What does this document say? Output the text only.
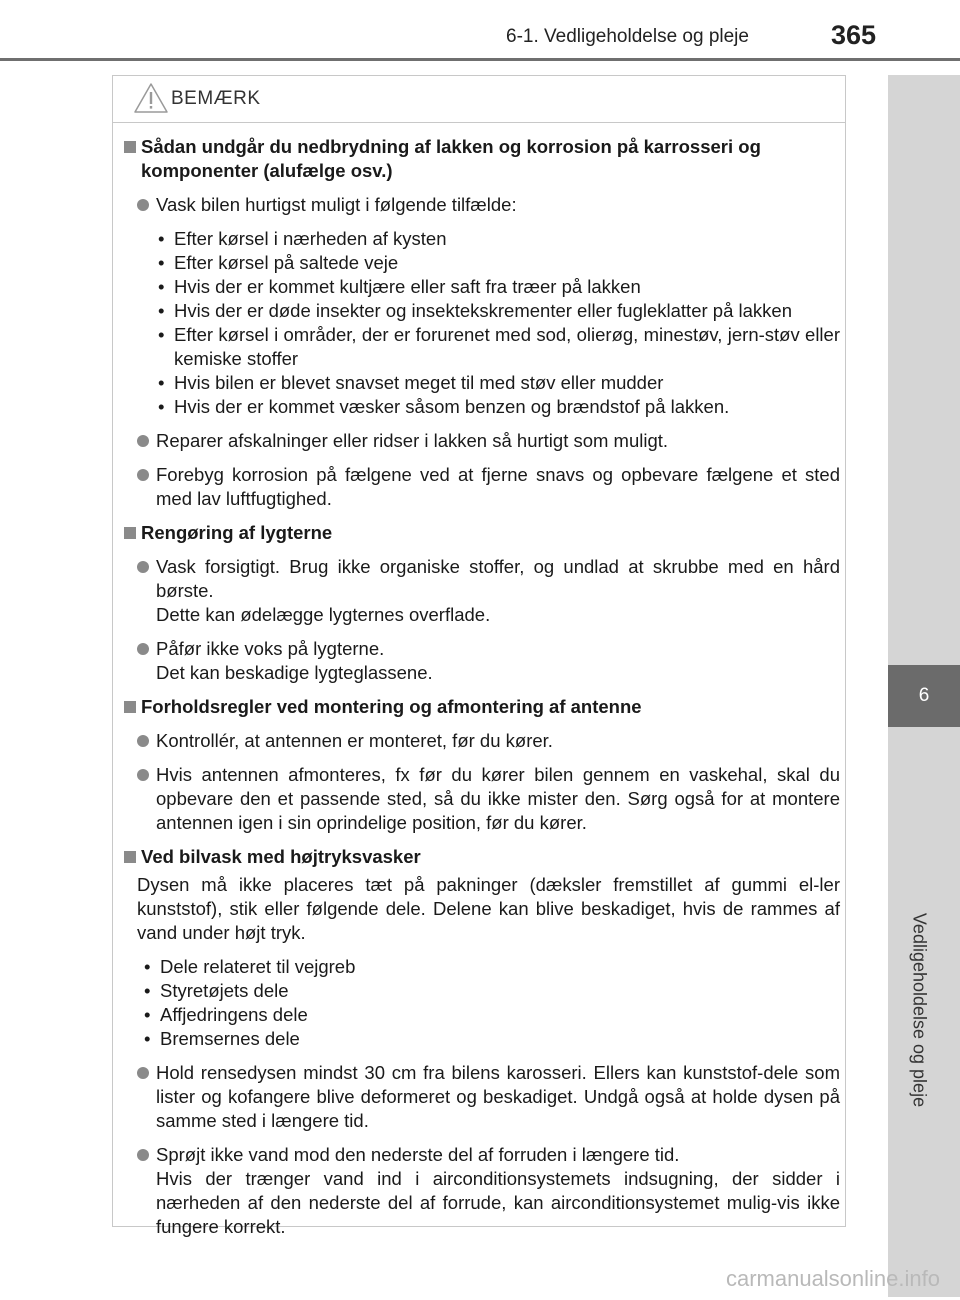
6-1. Vedligeholdelse og pleje	365
6
Vedligeholdelse og pleje
BEMÆRK
Sådan undgår du nedbrydning af lakken og korrosion på karrosseri og komponenter (alufælge osv.)
Vask bilen hurtigst muligt i følgende tilfælde:
• Efter kørsel i nærheden af kysten
• Efter kørsel på saltede veje
• Hvis der er kommet kultjære eller saft fra træer på lakken
• Hvis der er døde insekter og insektekskrementer eller fugleklatter på lakken
• Efter kørsel i områder, der er forurenet med sod, olierøg, minestøv, jern-støv eller kemiske stoffer
• Hvis bilen er blevet snavset meget til med støv eller mudder
• Hvis der er kommet væsker såsom benzen og brændstof på lakken.
Reparer afskalninger eller ridser i lakken så hurtigt som muligt.
Forebyg korrosion på fælgene ved at fjerne snavs og opbevare fælgene et sted med lav luftfugtighed.
Rengøring af lygterne
Vask forsigtigt. Brug ikke organiske stoffer, og undlad at skrubbe med en hård børste.
Dette kan ødelægge lygternes overflade.
Påfør ikke voks på lygterne.
Det kan beskadige lygteglassene.
Forholdsregler ved montering og afmontering af antenne
Kontrollér, at antennen er monteret, før du kører.
Hvis antennen afmonteres, fx før du kører bilen gennem en vaskehal, skal du opbevare den et passende sted, så du ikke mister den. Sørg også for at montere antennen igen i sin oprindelige position, før du kører.
Ved bilvask med højtryksvasker
Dysen må ikke placeres tæt på pakninger (dæksler fremstillet af gummi el-ler kunststof), stik eller følgende dele. Delene kan blive beskadiget, hvis de rammes af vand under højt tryk.
• Dele relateret til vejgreb
• Styretøjets dele
• Affjedringens dele
• Bremsernes dele
Hold rensedysen mindst 30 cm fra bilens karosseri. Ellers kan kunststof-dele som lister og kofangere blive deformeret og beskadiget. Undgå også at holde dysen på samme sted i længere tid.
Sprøjt ikke vand mod den nederste del af forruden i længere tid.
Hvis der trænger vand ind i airconditionsystemets indsugning, der sidder i nærheden af den nederste del af forrude, kan airconditionsystemet mulig-vis ikke fungere korrekt.
carmanualsonline.info
